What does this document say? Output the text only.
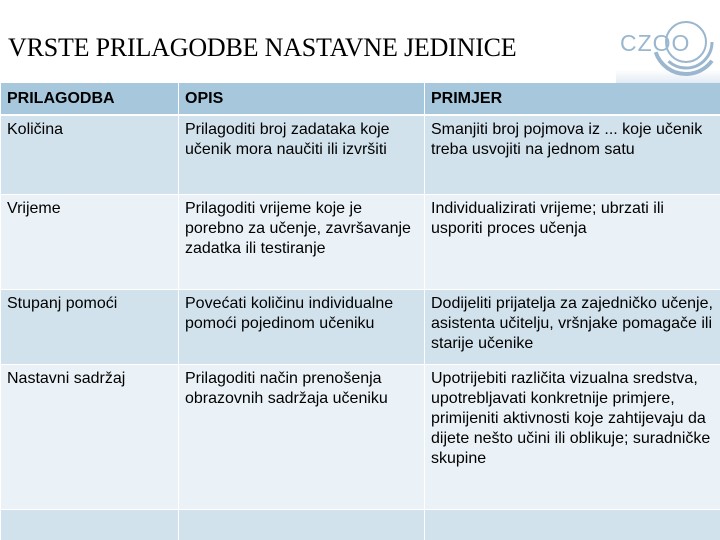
VRSTE PRILAGODBE NASTAVNE JEDINICE	CZOO
PRILAGODBA	OPIS	PRIMJER
Količina	Prilagoditi broj zadataka koje učenik mora naučiti ili izvršiti	Smanjiti broj pojmova iz ... koje učenik treba usvojiti na jednom satu
Vrijeme	Prilagoditi vrijeme koje je porebno za učenje, završavanje zadatka ili testiranje	Individualizirati vrijeme; ubrzati ili usporiti proces učenja
Stupanj pomoći	Povećati količinu individualne pomoći pojedinom učeniku	Dodijeliti prijatelja za zajedničko učenje, asistenta učitelju, vršnjake pomagače ili starije učenike
Nastavni sadržaj	Prilagoditi način prenošenja obrazovnih sadržaja učeniku	Upotrijebiti različita vizualna sredstva, upotrebljavati konkretnije primjere, primijeniti aktivnosti koje zahtijevaju da dijete nešto učini ili oblikuje; suradničke skupine
